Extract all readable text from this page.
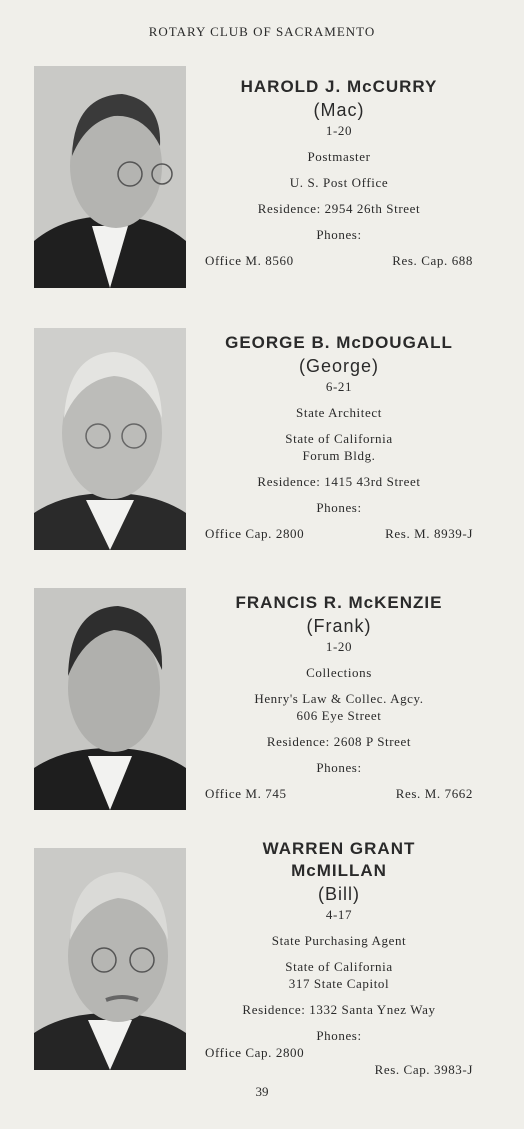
ROTARY CLUB OF SACRAMENTO
HAROLD J. McCURRY
(Mac)
1-20
Postmaster
U. S. Post Office
Residence: 2954 26th Street
Phones:
Office M. 8560	Res. Cap. 688
GEORGE B. McDOUGALL
(George)
6-21
State Architect
State of California
Forum Bldg.
Residence: 1415 43rd Street
Phones:
Office Cap. 2800	Res. M. 8939-J
FRANCIS R. McKENZIE
(Frank)
1-20
Collections
Henry's Law & Collec. Agcy.
606 Eye Street
Residence: 2608 P Street
Phones:
Office M. 745	Res. M. 7662
WARREN GRANT
McMILLAN
(Bill)
4-17
State Purchasing Agent
State of California
317 State Capitol
Residence: 1332 Santa Ynez Way
Phones:
Office Cap. 2800
Res. Cap. 3983-J
39
